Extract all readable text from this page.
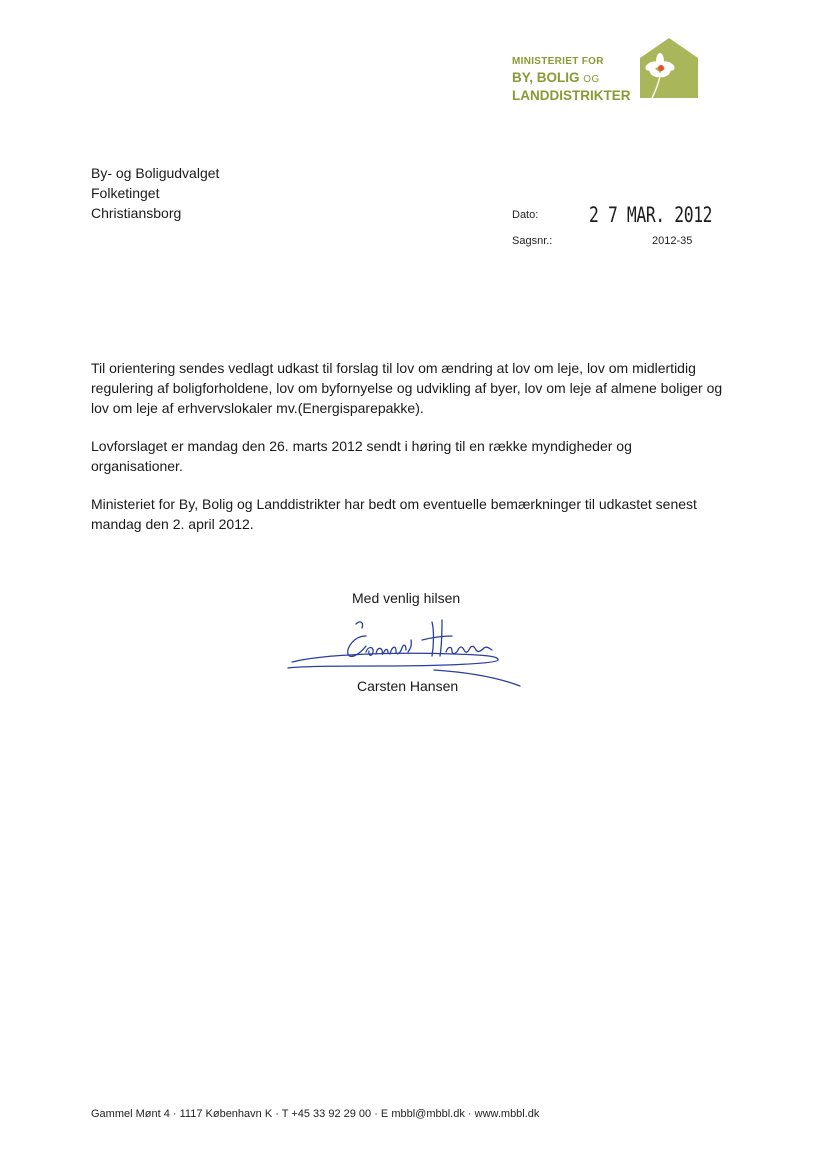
MINISTERIET FOR
BY, BOLIG OG
LANDDISTRIKTER
By- og Boligudvalget
Folketinget
Christiansborg	Dato: 2 7 MAR. 2012
Sagsnr.:	2012-35
Til orientering sendes vedlagt udkast til forslag til lov om ændring at lov om leje, lov om midlertidig
regulering af boligforholdene, lov om byfornyelse og udvikling af byer, lov om leje af almene boliger og
lov om leje af erhvervslokaler mv.(Energisparepakke).
Lovforslaget er mandag den 26. marts 2012 sendt i høring til en række myndigheder og
organisationer.
Ministeriet for By, Bolig og Landdistrikter har bedt om eventuelle bemærkninger til udkastet senest
mandag den 2. april 2012.
Med venlig hilsen
Carsten Hansen
Gammel Mønt 4 · 1117 København K · T +45 33 92 29 00 · E mbbl@mbbl.dk · www.mbbl.dk
